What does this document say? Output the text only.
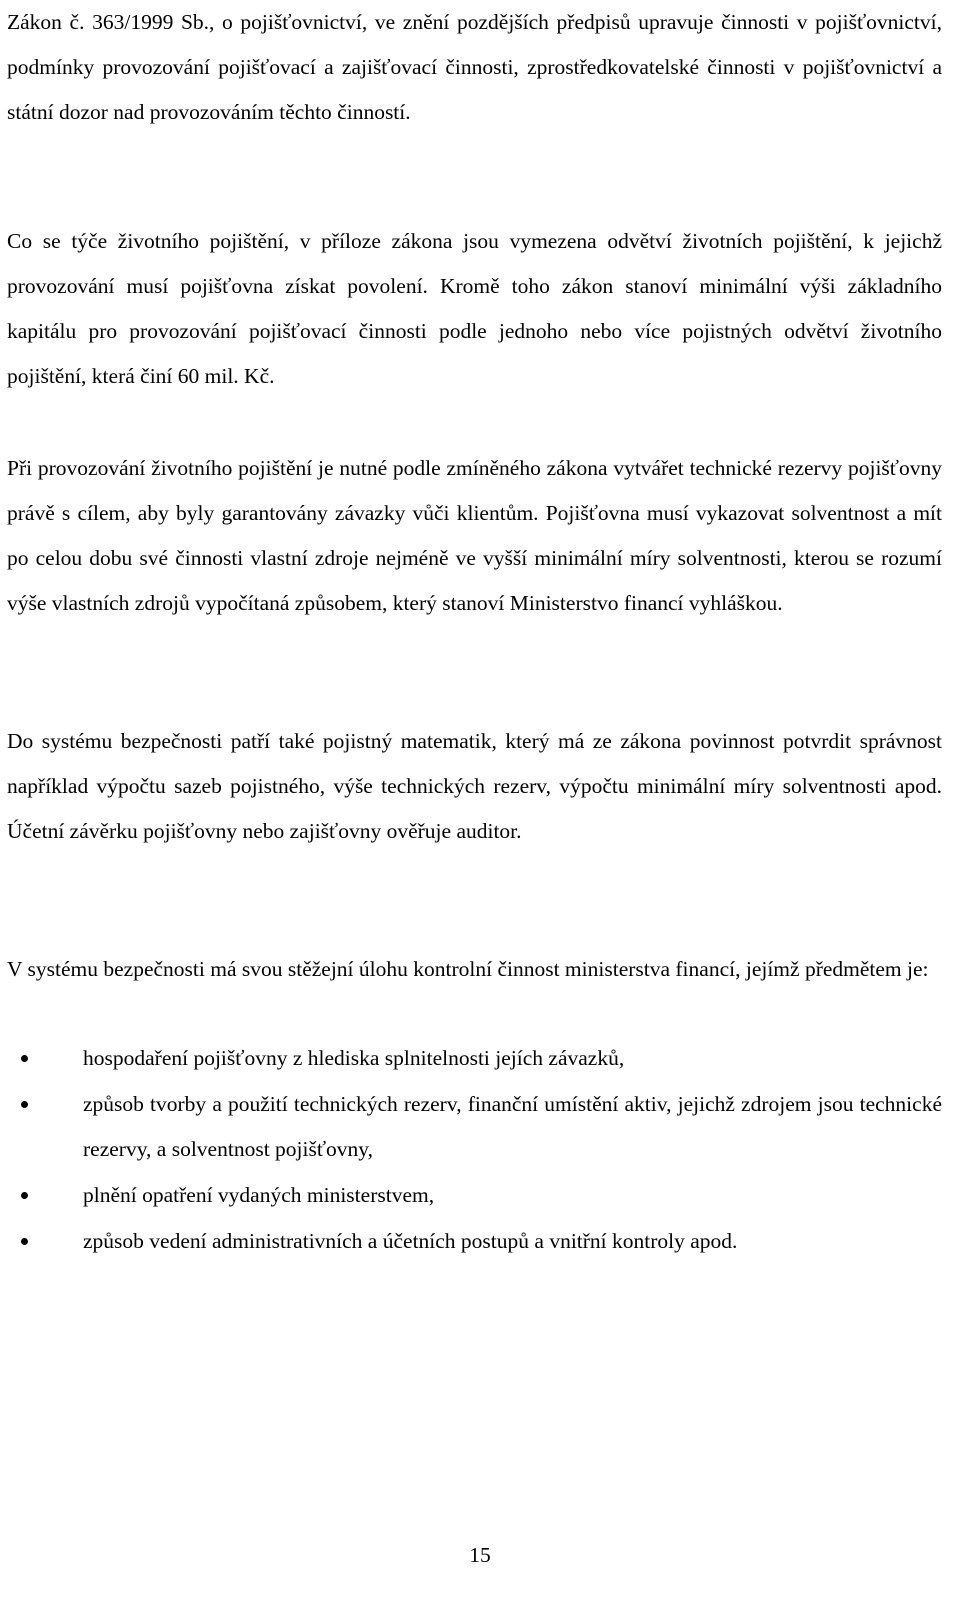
Zákon č. 363/1999 Sb., o pojišťovnictví, ve znění pozdějších předpisů upravuje činnosti v pojišťovnictví, podmínky provozování pojišťovací a zajišťovací činnosti, zprostředkovatelské činnosti v pojišťovnictví a státní dozor nad provozováním těchto činností.

Co se týče životního pojištění, v příloze zákona jsou vymezena odvětví životních pojištění, k jejichž provozování musí pojišťovna získat povolení. Kromě toho zákon stanoví minimální výši základního kapitálu pro provozování pojišťovací činnosti podle jednoho nebo více pojistných odvětví životního pojištění, která činí 60 mil. Kč.

Při provozování životního pojištění je nutné podle zmíněného zákona vytvářet technické rezervy pojišťovny právě s cílem, aby byly garantovány závazky vůči klientům. Pojišťovna musí vykazovat solventnost a mít po celou dobu své činnosti vlastní zdroje nejméně ve vyšší minimální míry solventnosti, kterou se rozumí výše vlastních zdrojů vypočítaná způsobem, který stanoví Ministerstvo financí vyhláškou.

Do systému bezpečnosti patří také pojistný matematik, který má ze zákona povinnost potvrdit správnost například výpočtu sazeb pojistného, výše technických rezerv, výpočtu minimální míry solventnosti apod. Účetní závěrku pojišťovny nebo zajišťovny ověřuje auditor.

V systému bezpečnosti má svou stěžejní úlohu kontrolní činnost ministerstva financí, jejímž předmětem je:

hospodaření pojišťovny z hlediska splnitelnosti jejích závazků,
způsob tvorby a použití technických rezerv, finanční umístění aktiv, jejichž zdrojem jsou technické rezervy, a solventnost pojišťovny,
plnění opatření vydaných ministerstvem,
způsob vedení administrativních a účetních postupů a vnitřní kontroly apod.
15
